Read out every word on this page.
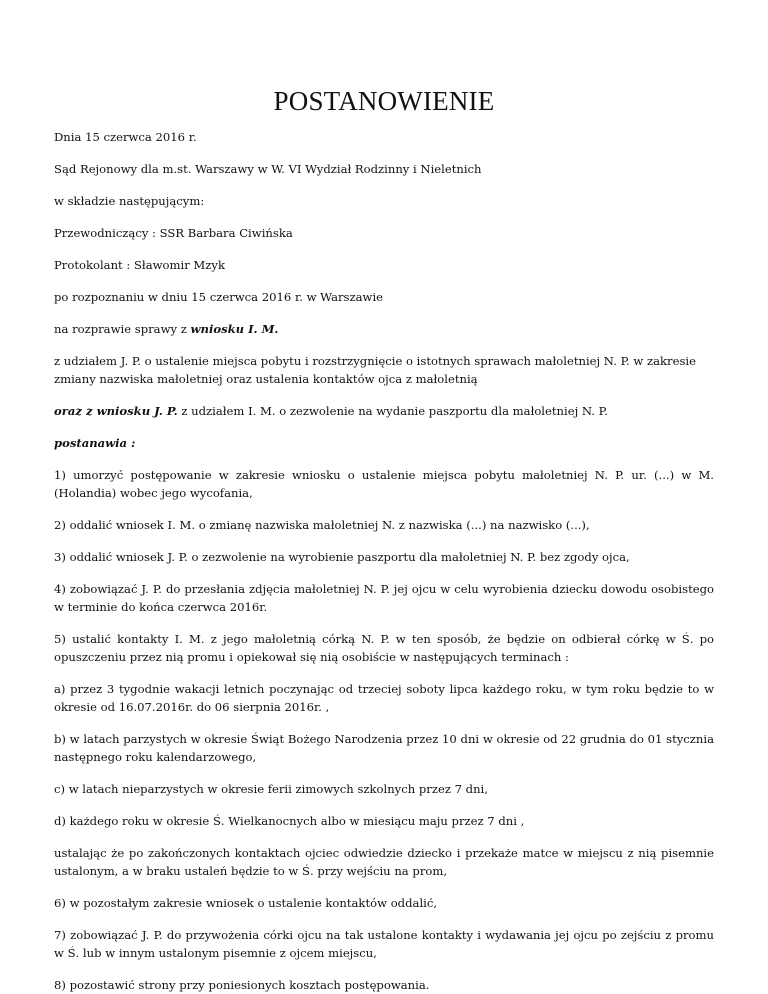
POSTANOWIENIE

Dnia 15 czerwca 2016 r.

Sąd Rejonowy dla m.st. Warszawy w W. VI Wydział Rodzinny i Nieletnich

w składzie następującym:

Przewodniczący : SSR Barbara Ciwińska

Protokolant : Sławomir Mzyk

po rozpoznaniu w dniu 15 czerwca 2016 r. w Warszawie

na rozprawie sprawy z wniosku I. M.

z udziałem J. P. o ustalenie miejsca pobytu i rozstrzygnięcie o istotnych sprawach małoletniej N. P. w zakresie zmiany nazwiska małoletniej oraz ustalenia kontaktów ojca z małoletnią

oraz z wniosku J. P. z udziałem I. M. o zezwolenie na wydanie paszportu dla małoletniej N. P.

postanawia :

1) umorzyć postępowanie w zakresie wniosku o ustalenie miejsca pobytu małoletniej N. P. ur. (...) w M. (Holandia) wobec jego wycofania,

2) oddalić wniosek I. M. o zmianę nazwiska małoletniej N. z nazwiska (...) na nazwisko (...),

3) oddalić wniosek J. P. o zezwolenie na wyrobienie paszportu dla małoletniej N. P. bez zgody ojca,

4) zobowiązać J. P. do przesłania zdjęcia małoletniej N. P. jej ojcu w celu wyrobienia dziecku dowodu osobistego w terminie do końca czerwca 2016r.

5) ustalić kontakty I. M. z jego małoletnią córką N. P. w ten sposób, że będzie on odbierał córkę w Ś. po opuszczeniu przez nią promu i opiekował się nią osobiście w następujących terminach :

a) przez 3 tygodnie wakacji letnich poczynając od trzeciej soboty lipca każdego roku, w tym roku będzie to w okresie od 16.07.2016r. do 06 sierpnia 2016r. ,

b) w latach parzystych w okresie Świąt Bożego Narodzenia przez 10 dni w okresie od 22 grudnia do 01 stycznia następnego roku kalendarzowego,

c) w latach nieparzystych w okresie ferii zimowych szkolnych przez 7 dni,

d) każdego roku w okresie Ś. Wielkanocnych albo w miesiącu maju przez 7 dni ,

ustalając że po zakończonych kontaktach ojciec odwiedzie dziecko i przekaże matce w miejscu z nią pisemnie ustalonym, a w braku ustaleń będzie to w Ś. przy wejściu na prom,

6) w pozostałym zakresie wniosek o ustalenie kontaktów oddalić,

7) zobowiązać J. P. do przywożenia córki ojcu na tak ustalone kontakty i wydawania jej ojcu po zejściu z promu w Ś. lub w innym ustalonym pisemnie z ojcem miejscu,

8) pozostawić strony przy poniesionych kosztach postępowania.
